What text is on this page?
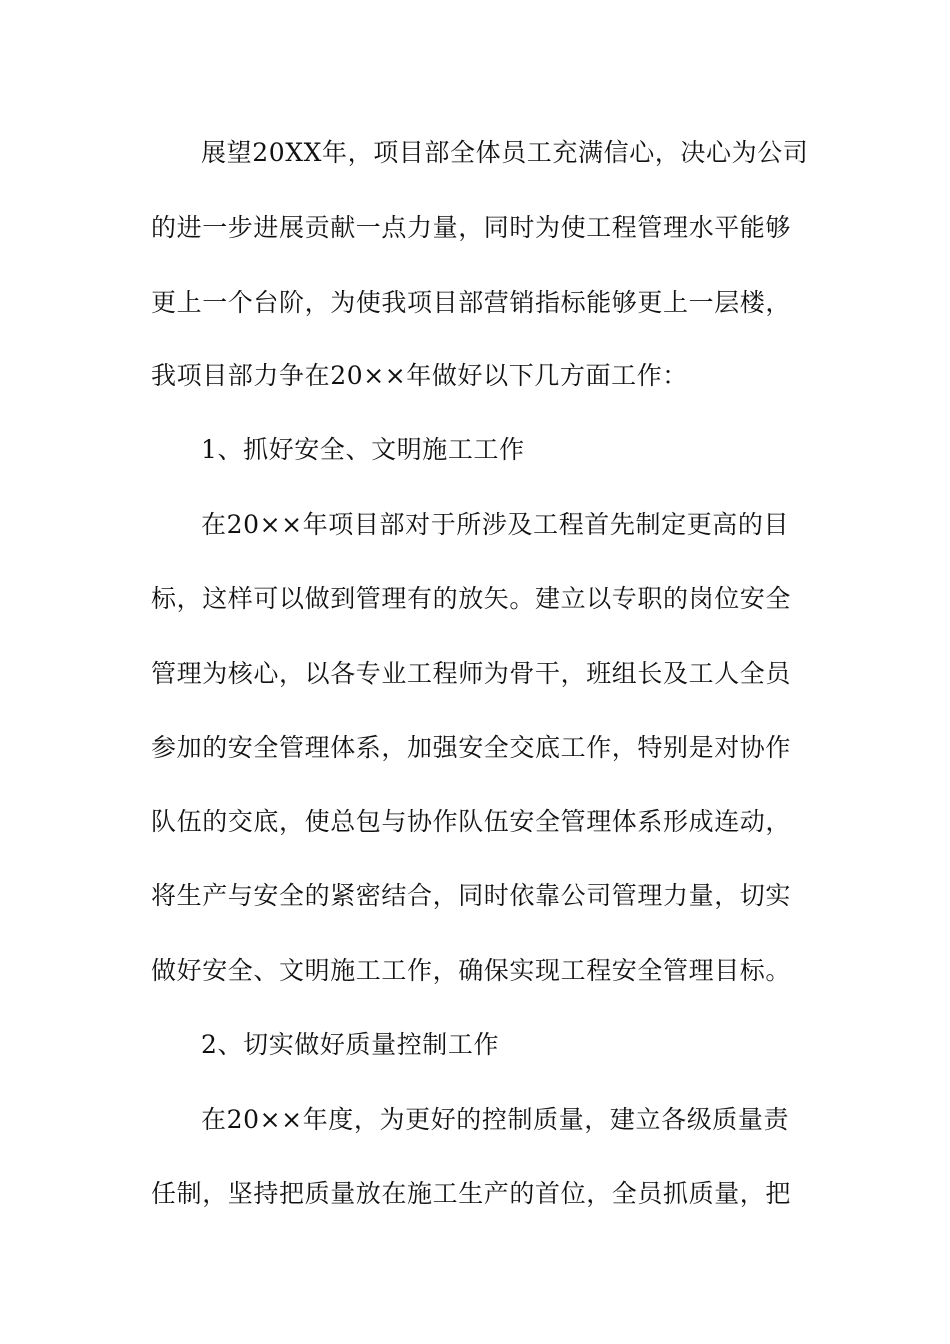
展望20XX年，项目部全体员工充满信心，决心为公司
的进一步进展贡献一点力量，同时为使工程管理水平能够
更上一个台阶，为使我项目部营销指标能够更上一层楼，
我项目部力争在20××年做好以下几方面工作：
1、抓好安全、文明施工工作
在20××年项目部对于所涉及工程首先制定更高的目
标，这样可以做到管理有的放矢。建立以专职的岗位安全
管理为核心，以各专业工程师为骨干，班组长及工人全员
参加的安全管理体系，加强安全交底工作，特别是对协作
队伍的交底，使总包与协作队伍安全管理体系形成连动，
将生产与安全的紧密结合，同时依靠公司管理力量，切实
做好安全、文明施工工作，确保实现工程安全管理目标。
2、切实做好质量控制工作
在20××年度，为更好的控制质量，建立各级质量责
任制，坚持把质量放在施工生产的首位，全员抓质量，把
